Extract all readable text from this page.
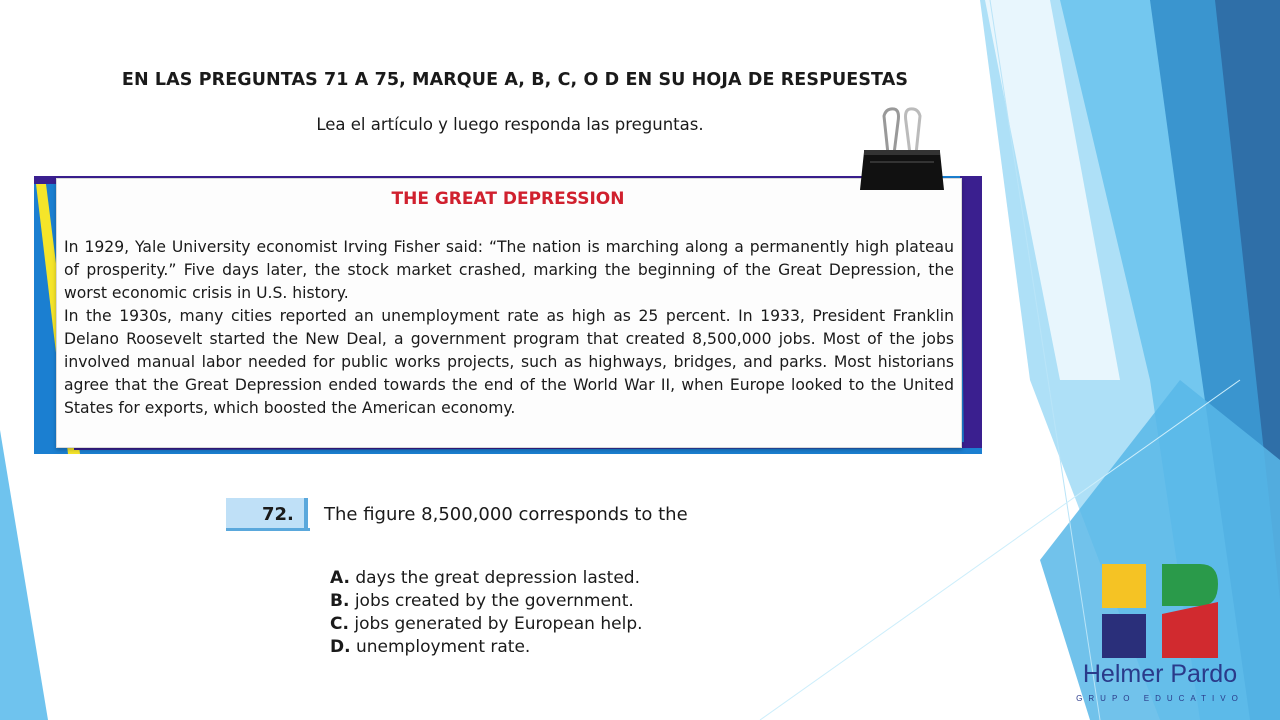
EN LAS PREGUNTAS 71 A 75, MARQUE A, B, C, O D EN SU HOJA DE RESPUESTAS
Lea el artículo y luego responda las preguntas.
THE GREAT DEPRESSION

In 1929, Yale University economist Irving Fisher said: “The nation is marching along a permanently high plateau of prosperity.” Five days later, the stock market crashed, marking the beginning of the Great Depression, the worst economic crisis in U.S. history.

In the 1930s, many cities reported an unemployment rate as high as 25 percent. In 1933, President Franklin Delano Roosevelt started the New Deal, a government program that created 8,500,000 jobs. Most of the jobs involved manual labor needed for public works projects, such as highways, bridges, and parks. Most historians agree that the Great Depression ended towards the end of the World War II, when Europe looked to the United States for exports, which boosted the American economy.

72. The figure 8,500,000 corresponds to the
A. days the great depression lasted.
B. jobs created by the government.
C. jobs generated by European help.
D. unemployment rate.
Helmer Pardo
GRUPO EDUCATIVO
